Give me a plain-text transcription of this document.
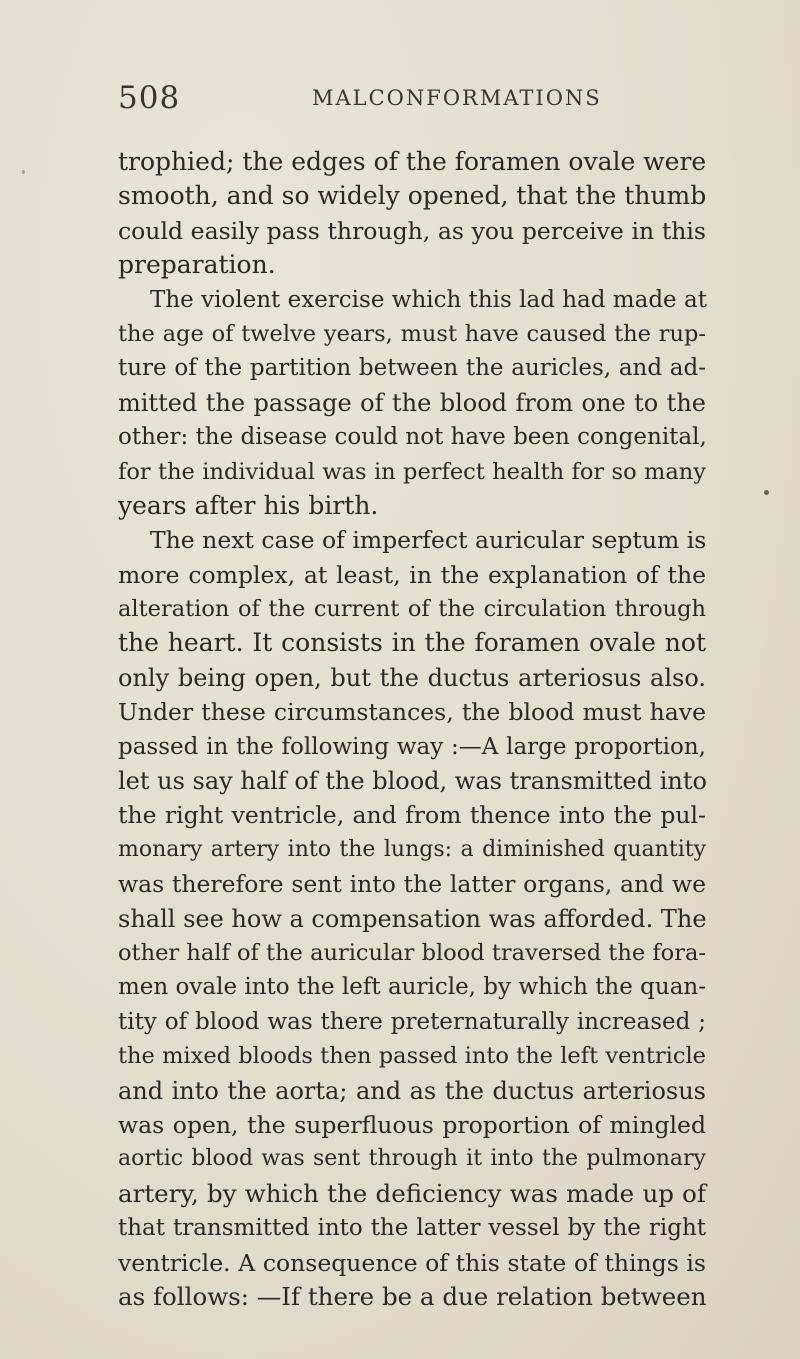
508	MALCONFORMATIONS
trophied; the edges of the foramen ovale were
smooth, and so widely opened, that the thumb
could easily pass through, as you perceive in this
preparation.
The violent exercise which this lad had made at
the age of twelve years, must have caused the rup-
ture of the partition between the auricles, and ad-
mitted the passage of the blood from one to the
other: the disease could not have been congenital,
for the individual was in perfect health for so many
years after his birth.
The next case of imperfect auricular septum is
more complex, at least, in the explanation of the
alteration of the current of the circulation through
the heart. It consists in the foramen ovale not
only being open, but the ductus arteriosus also.
Under these circumstances, the blood must have
passed in the following way :—A large proportion,
let us say half of the blood, was transmitted into
the right ventricle, and from thence into the pul-
monary artery into the lungs: a diminished quantity
was therefore sent into the latter organs, and we
shall see how a compensation was afforded. The
other half of the auricular blood traversed the fora-
men ovale into the left auricle, by which the quan-
tity of blood was there preternaturally increased ;
the mixed bloods then passed into the left ventricle
and into the aorta; and as the ductus arteriosus
was open, the superfluous proportion of mingled
aortic blood was sent through it into the pulmonary
artery, by which the deficiency was made up of
that transmitted into the latter vessel by the right
ventricle. A consequence of this state of things is
as follows: —If there be a due relation between
